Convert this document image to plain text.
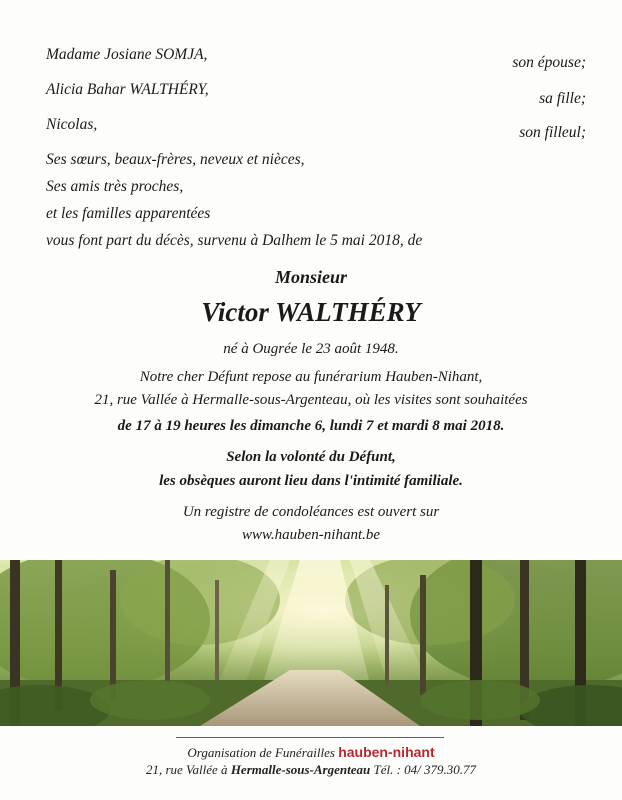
Madame Josiane SOMJA,	son épouse;
Alicia Bahar WALTHÉRY,
sa fille;
Nicolas,	son filleul;
Ses sœurs, beaux-frères, neveux et nièces,
Ses amis très proches,
et les familles apparentées
vous font part du décès, survenu à Dalhem le 5 mai 2018, de
Monsieur
Victor WALTHÉRY
né à Ougrée le 23 août 1948.
Notre cher Défunt repose au funérarium Hauben-Nihant,
21, rue Vallée à Hermalle-sous-Argenteau, où les visites sont souhaitées
de 17 à 19 heures les dimanche 6, lundi 7 et mardi 8 mai 2018.
Selon la volonté du Défunt,
les obsèques auront lieu dans l'intimité familiale.
Un registre de condoléances est ouvert sur
www.hauben-nihant.be
Organisation de Funérailles hauben-nihant
21, rue Vallée à Hermalle-sous-Argenteau Tél. : 04/ 379.30.77
